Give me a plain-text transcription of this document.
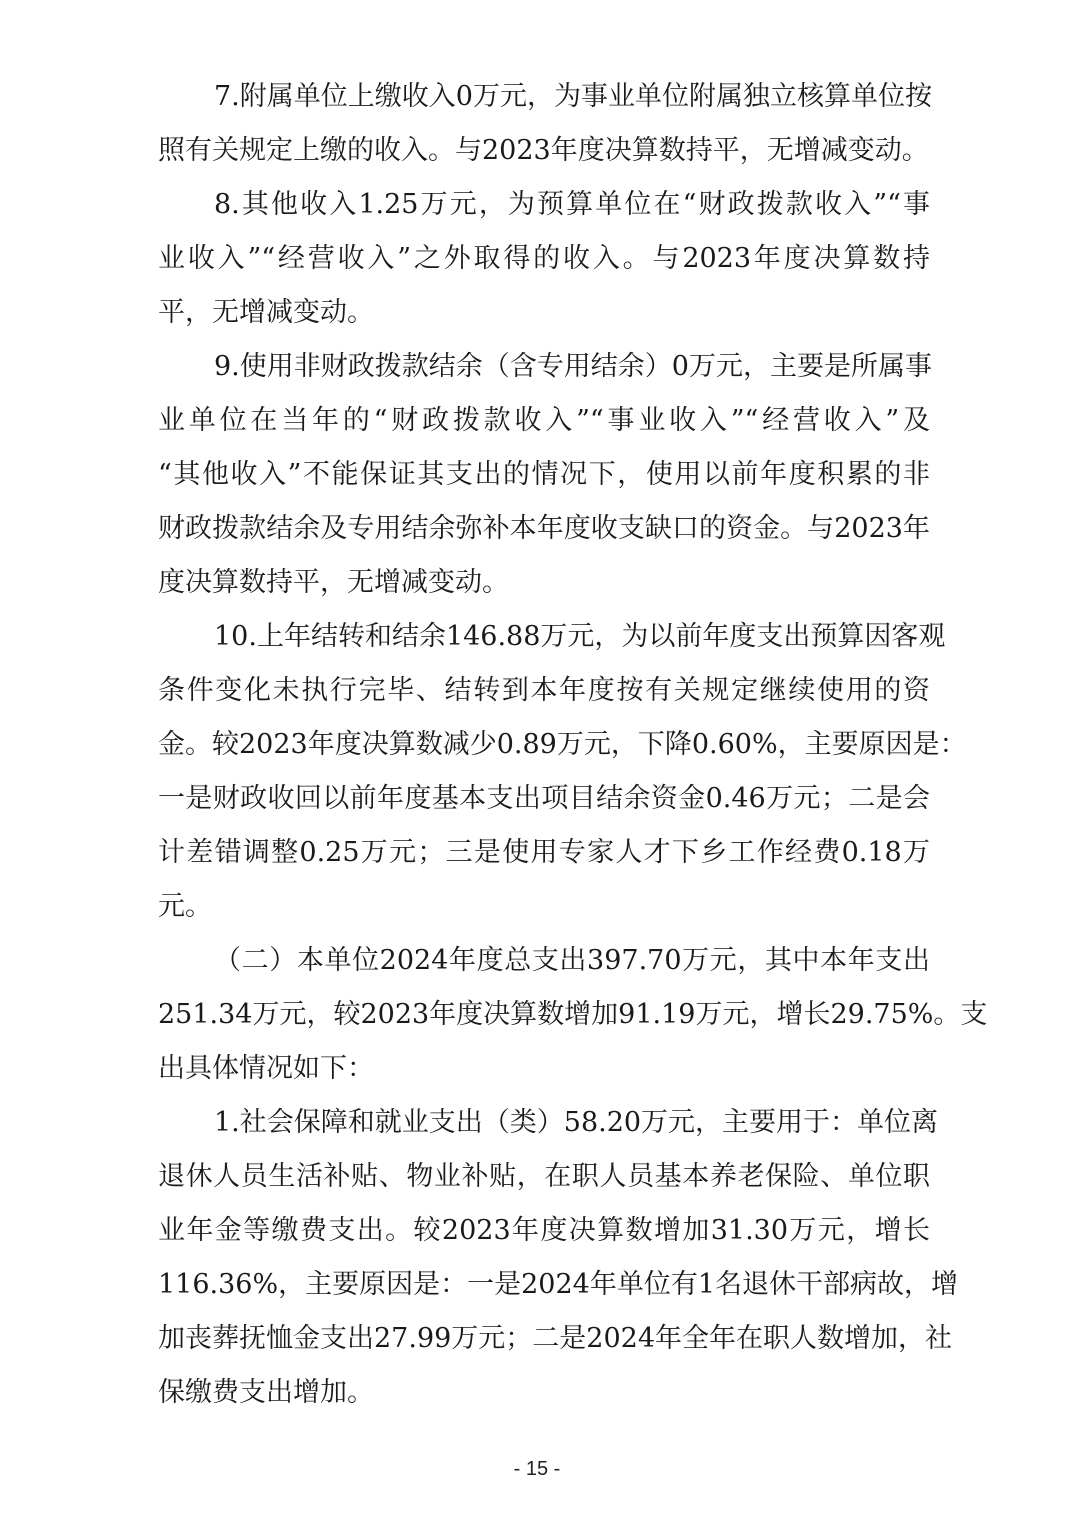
7.附属单位上缴收入0万元，为事业单位附属独立核算单位按
照有关规定上缴的收入。与2023年度决算数持平，无增减变动。
8.其他收入1.25万元，为预算单位在“财政拨款收入”“事
业收入”“经营收入”之外取得的收入。与2023年度决算数持
平，无增减变动。
9.使用非财政拨款结余（含专用结余）0万元，主要是所属事
业单位在当年的“财政拨款收入”“事业收入”“经营收入”及
“其他收入”不能保证其支出的情况下，使用以前年度积累的非
财政拨款结余及专用结余弥补本年度收支缺口的资金。与2023年
度决算数持平，无增减变动。
10.上年结转和结余146.88万元，为以前年度支出预算因客观
条件变化未执行完毕、结转到本年度按有关规定继续使用的资
金。较2023年度决算数减少0.89万元，下降0.60%，主要原因是：
一是财政收回以前年度基本支出项目结余资金0.46万元；二是会
计差错调整0.25万元；三是使用专家人才下乡工作经费0.18万
元。
（二）本单位2024年度总支出397.70万元，其中本年支出
251.34万元，较2023年度决算数增加91.19万元，增长29.75%。支
出具体情况如下：
1.社会保障和就业支出（类）58.20万元，主要用于：单位离
退休人员生活补贴、物业补贴，在职人员基本养老保险、单位职
业年金等缴费支出。较2023年度决算数增加31.30万元，增长
116.36%，主要原因是：一是2024年单位有1名退休干部病故，增
加丧葬抚恤金支出27.99万元；二是2024年全年在职人数增加，社
保缴费支出增加。
- 15 -
